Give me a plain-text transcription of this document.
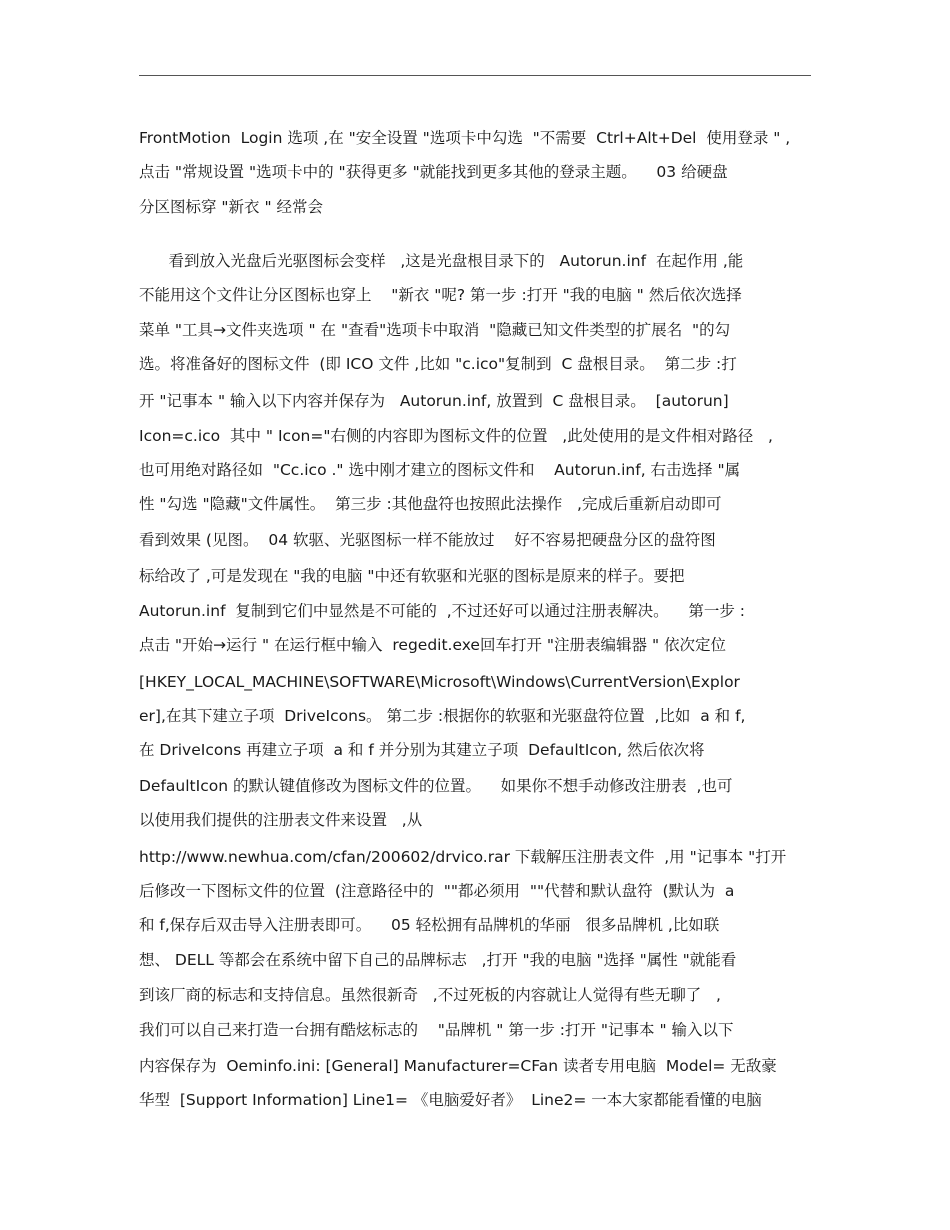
FrontMotion  Login 选项 ,在 "安全设置 "选项卡中勾选  "不需要  Ctrl+Alt+Del  使用登录 " ,
点击 "常规设置 "选项卡中的 "获得更多 "就能找到更多其他的登录主题。    03 给硬盘
分区图标穿 "新衣 " 经常会
看到放入光盘后光驱图标会变样   ,这是光盘根目录下的   Autorun.inf  在起作用 ,能
不能用这个文件让分区图标也穿上    "新衣 "呢? 第一步 :打开 "我的电脑 " 然后依次选择
菜单 "工具→文件夹选项 " 在 "查看"选项卡中取消  "隐藏已知文件类型的扩展名  "的勾
选。将准备好的图标文件  (即 ICO 文件 ,比如 "c.ico"复制到  C 盘根目录。  第二步 :打
开 "记事本 " 输入以下内容并保存为   Autorun.inf, 放置到  C 盘根目录。  [autorun]
Icon=c.ico  其中 " Icon="右侧的内容即为图标文件的位置   ,此处使用的是文件相对路径   ,
也可用绝对路径如  "Cc.ico ." 选中刚才建立的图标文件和    Autorun.inf, 右击选择 "属
性 "勾选 "隐藏"文件属性。  第三步 :其他盘符也按照此法操作   ,完成后重新启动即可
看到效果 (见图。  04 软驱、光驱图标一样不能放过    好不容易把硬盘分区的盘符图
标给改了 ,可是发现在 "我的电脑 "中还有软驱和光驱的图标是原来的样子。要把
Autorun.inf  复制到它们中显然是不可能的  ,不过还好可以通过注册表解决。    第一步 :
点击 "开始→运行 " 在运行框中输入  regedit.exe回车打开 "注册表编辑器 " 依次定位
[HKEY_LOCAL_MACHINE\SOFTWARE\Microsoft\Windows\CurrentVersion\Explor
er],在其下建立子项  DriveIcons。 第二步 :根据你的软驱和光驱盘符位置  ,比如  a 和 f,
在 DriveIcons 再建立子项  a 和 f 并分别为其建立子项  DefaultIcon, 然后依次将
DefaultIcon 的默认键值修改为图标文件的位置。    如果你不想手动修改注册表  ,也可
以使用我们提供的注册表文件来设置   ,从
http://www.newhua.com/cfan/200602/drvico.rar 下载解压注册表文件  ,用 "记事本 "打开
后修改一下图标文件的位置  (注意路径中的  ""都必须用  ""代替和默认盘符  (默认为  a
和 f,保存后双击导入注册表即可。    05 轻松拥有品牌机的华丽   很多品牌机 ,比如联
想、 DELL 等都会在系统中留下自己的品牌标志   ,打开 "我的电脑 "选择 "属性 "就能看
到该厂商的标志和支持信息。虽然很新奇   ,不过死板的内容就让人觉得有些无聊了   ,
我们可以自己来打造一台拥有酷炫标志的    "品牌机 " 第一步 :打开 "记事本 " 输入以下
内容保存为  Oeminfo.ini: [General] Manufacturer=CFan 读者专用电脑  Model= 无敌豪
华型  [Support Information] Line1= 《电脑爱好者》  Line2= 一本大家都能看懂的电脑
